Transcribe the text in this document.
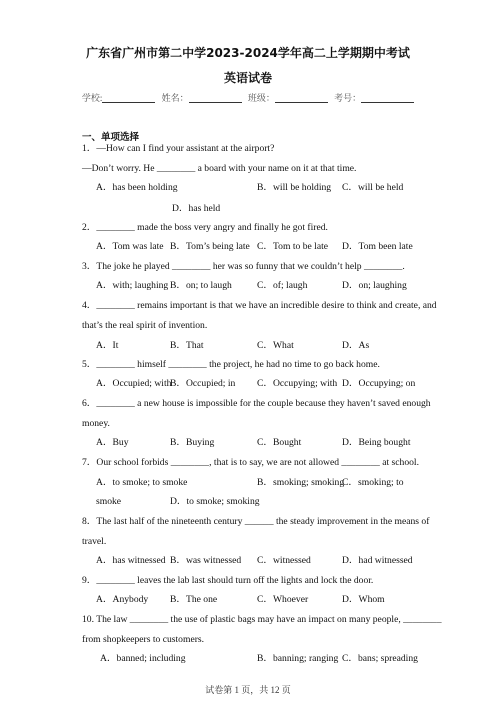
广东省广州市第二中学2023-2024学年高二上学期期中考试
英语试卷
学校:	姓名：	班级：	考号：
一、单项选择
1．—How can I find your assistant at the airport?
—Don’t worry. He ________ a board with your name on it at that time.
A．has been holding	B．will be holding C．will be held
D．has held
2．________ made the boss very angry and finally he got fired.
A．Tom was late B．Tom’s being late C．Tom to be late D．Tom been late
3．The joke he played ________ her was so funny that we couldn’t help ________.
A．with; laughing B．on; to laugh	C．of; laugh	D．on; laughing
4．________ remains important is that we have an incredible desire to think and create, and
that’s the real spirit of invention.
A．It	B．That	C．What	D．As
5．________ himself ________ the project, he had no time to go back home.
A．Occupied; with
B．Occupied; in C．Occupying; with D．Occupying; on
6．________ a new house is impossible for the couple because they haven’t saved enough
money.
A．Buy	B．Buying	C．Bought	D．Being bought
7．Our school forbids ________, that is to say, we are not allowed ________ at school.
A．to smoke; to smoke	B．smoking; smoking
C．smoking; to
smoke	D．to smoke; smoking
8．The last half of the nineteenth century ______ the steady improvement in the means of
travel.
A．has witnessed B．was witnessed C．witnessed	D．had witnessed
9．________ leaves the lab last should turn off the lights and lock the door.
A．Anybody B．The one	C．Whoever	D．Whom
10. The law ________ the use of plastic bags may have an impact on many people, ________
from shopkeepers to customers.
A．banned; including	B．banning; ranging C．bans; spreading
试卷第 1 页，共 12 页
